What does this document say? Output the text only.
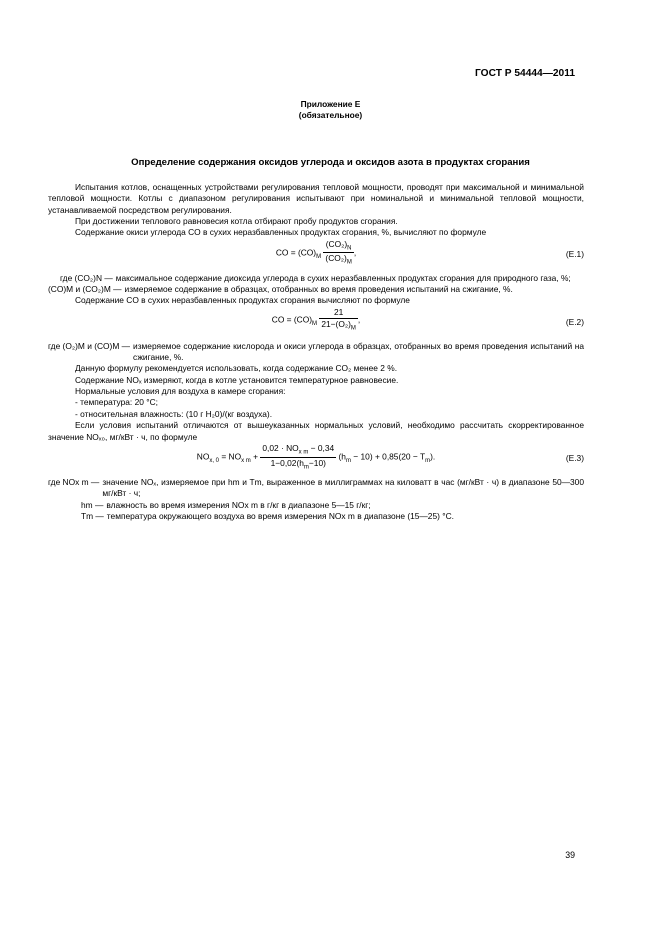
ГОСТ Р 54444—2011
Приложение Е
(обязательное)
Определение содержания оксидов углерода и оксидов азота в продуктах сгорания

Испытания котлов, оснащенных устройствами регулирования тепловой мощности, проводят при максимальной и минимальной тепловой мощности. Котлы с диапазоном регулирования испытывают при номинальной и минимальной тепловой мощности, устанавливаемой посредством регулирования.

При достижении теплового равновесия котла отбирают пробу продуктов сгорания.

Содержание окиси углерода CO в сухих неразбавленных продуктах сгорания, %, вычисляют по формуле

CO = $(CO)_M \frac{(CO_2)_N}{(CO_2)_M}$ ,	(Е.1)
где (CO₂)N — максимальное содержание диоксида углерода в сухих неразбавленных продуктах сгорания для природного газа, %;
(CO)M и (CO₂)M — измеряемое содержание в образцах, отобранных во время проведения испытаний на сжигание, %.

Содержание CO в сухих неразбавленных продуктах сгорания вычисляют по формуле

CO = $(CO)_M \frac{21}{21-(O_2)_M}$ ,	(Е.2)
где (O₂)M и (CO)M — измеряемое содержание кислорода и окиси углерода в образцах, отобранных во время проведения испытаний на сжигание, %.

Данную формулу рекомендуется использовать, когда содержание CO₂ менее 2 %.

Содержание NOₓ измеряют, когда в котле установится температурное равновесие.

Нормальные условия для воздуха в камере сгорания:

- температура: 20 °С;

- относительная влажность: (10 г H₂0)/(кг воздуха).

Если условия испытаний отличаются от вышеуказанных нормальных условий, необходимо рассчитать скорректированное значение NOₓ₀, мг/кВт · ч, по формуле

$NO_{x, 0} = NO_{x m} + \frac{0,02 \cdot NO_{x m} - 0,34}{1-0,02(h_m-10)} (h_m - 10) + 0,85(20 - T_m)$.	(Е.3)
где NOx m — значение NOₓ, измеряемое при hm и Tm, выраженное в миллиграммах на киловатт в час (мг/кВт · ч) в диапазоне 50—300 мг/кВт · ч;
hm — влажность во время измерения NOx m в г/кг в диапазоне 5—15 г/кг;
Tm — температура окружающего воздуха во время измерения NOx m в диапазоне (15—25) °С.
39
